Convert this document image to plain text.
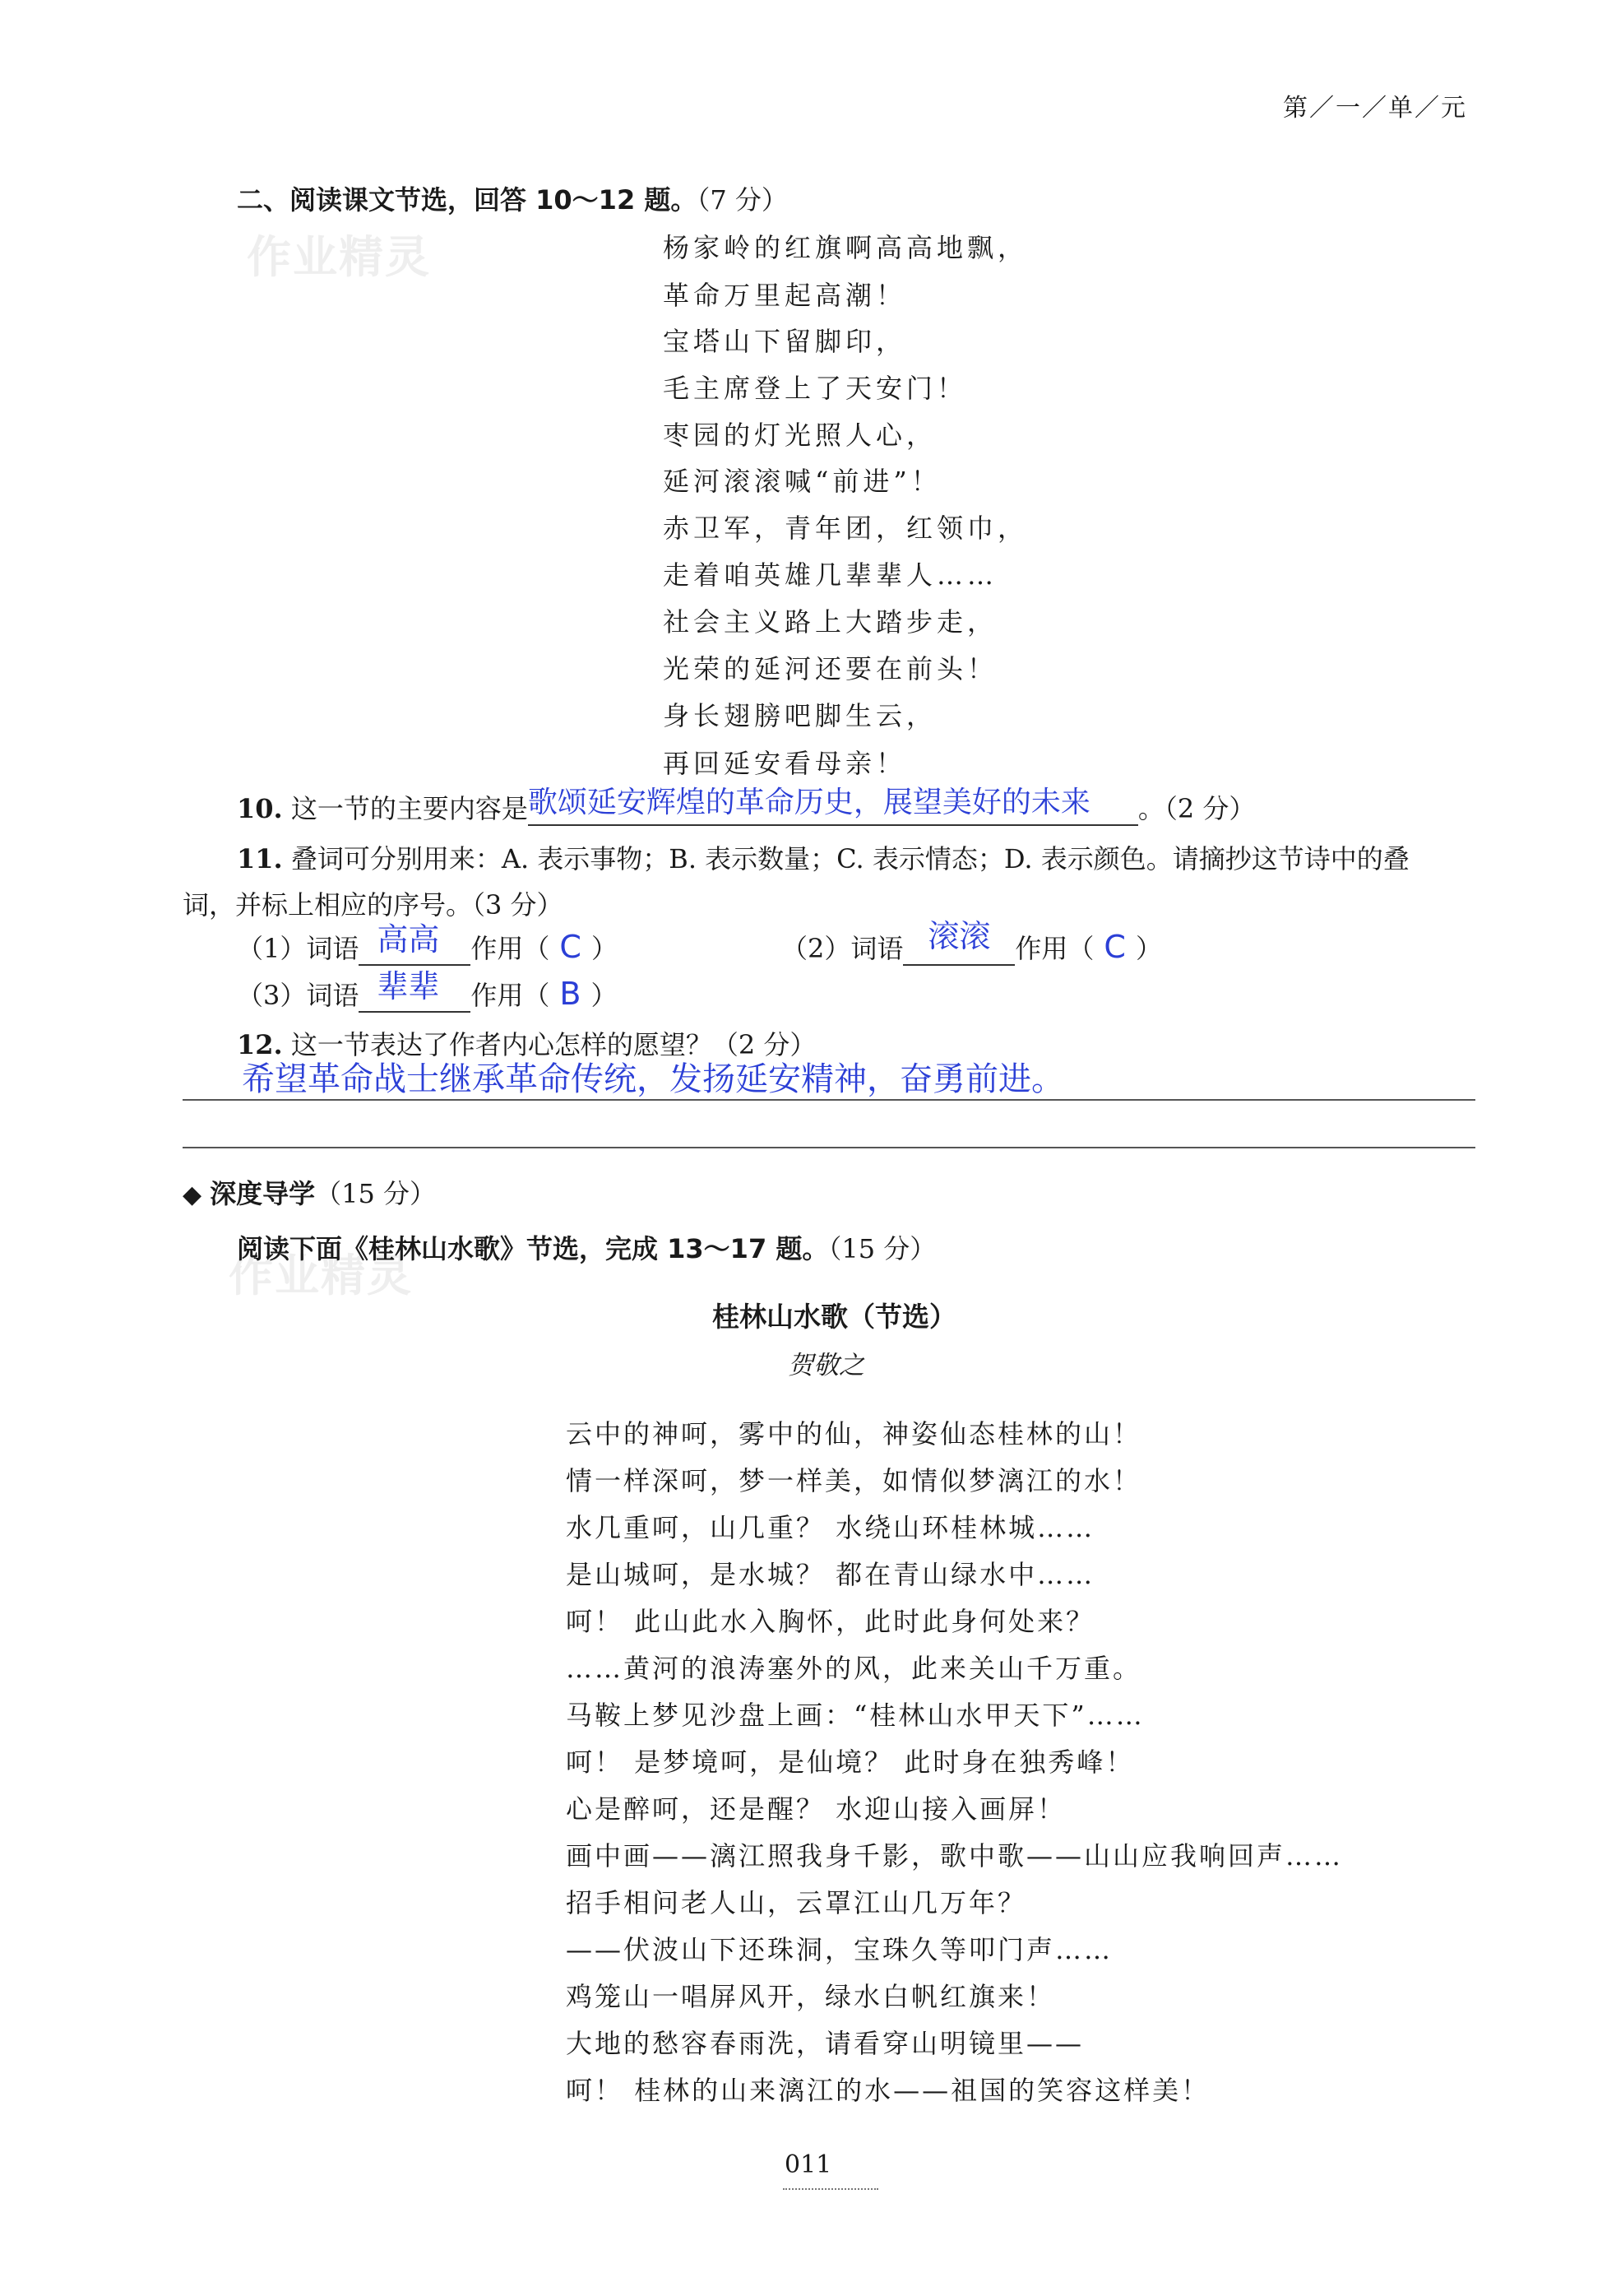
第／一／单／元
作业精灵
作业精灵
二、阅读课文节选，回答 10～12 题。（7 分）
杨家岭的红旗啊高高地飘，
革命万里起高潮！
宝塔山下留脚印，
毛主席登上了天安门！
枣园的灯光照人心，
延河滚滚喊“前进”！
赤卫军，青年团，红领巾，
走着咱英雄几辈辈人……
社会主义路上大踏步走，
光荣的延河还要在前头！
身长翅膀吧脚生云，
再回延安看母亲！
10. 这一节的主要内容是 歌颂延安辉煌的革命历史，展望美好的未来 。（2 分）
11. 叠词可分别用来：A. 表示事物；B. 表示数量；C. 表示情态；D. 表示颜色。请摘抄这节诗中的叠
词，并标上相应的序号。（3 分）
（1）词语 高高 作用（ C ）	（2）词语 滚滚 作用（ C ）
（3）词语 辈辈 作用（ B ）
12. 这一节表达了作者内心怎样的愿望？（2 分）
希望革命战士继承革命传统，发扬延安精神，奋勇前进。
◆ 深度导学（15 分）
阅读下面《桂林山水歌》节选，完成 13～17 题。（15 分）
桂林山水歌（节选）
贺敬之
云中的神呵，雾中的仙，神姿仙态桂林的山！
情一样深呵，梦一样美，如情似梦漓江的水！
水几重呵，山几重？ 水绕山环桂林城……
是山城呵，是水城？ 都在青山绿水中……
呵！ 此山此水入胸怀，此时此身何处来？
……黄河的浪涛塞外的风，此来关山千万重。
马鞍上梦见沙盘上画：“桂林山水甲天下”……
呵！ 是梦境呵，是仙境？ 此时身在独秀峰！
心是醉呵，还是醒？ 水迎山接入画屏！
画中画——漓江照我身千影，歌中歌——山山应我响回声……
招手相问老人山，云罩江山几万年？
——伏波山下还珠洞，宝珠久等叩门声……
鸡笼山一唱屏风开，绿水白帆红旗来！
大地的愁容春雨洗，请看穿山明镜里——
呵！ 桂林的山来漓江的水——祖国的笑容这样美！
011
